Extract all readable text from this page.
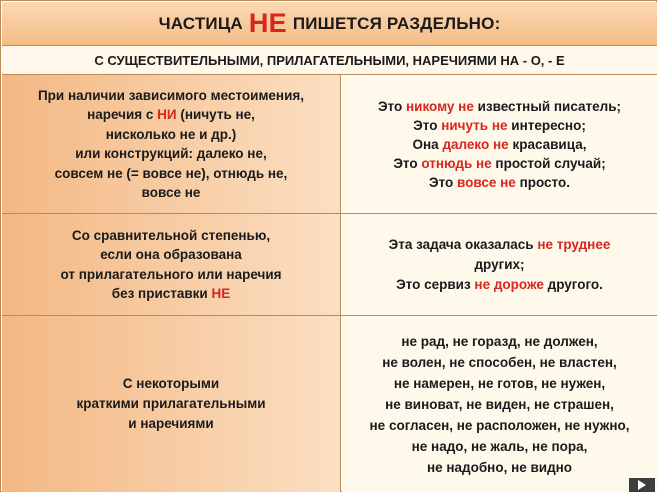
ЧАСТИЦА НЕ ПИШЕТСЯ РАЗДЕЛЬНО:
С СУЩЕСТВИТЕЛЬНЫМИ, ПРИЛАГАТЕЛЬНЫМИ, НАРЕЧИЯМИ НА - О, - Е
При наличии зависимого местоимения,
наречия с НИ (ничуть не,
нисколько не и др.)
или конструкций: далеко не,
совсем не (= вовсе не), отнюдь не,
вовсе не
Это никому не известный писатель;
Это ничуть не интересно;
Она далеко не красавица,
Это отнюдь не простой случай;
Это вовсе не просто.
Со сравнительной степенью,
если она образована
от прилагательного или наречия
без приставки НЕ
Эта задача оказалась не труднее
других;
Это сервиз не дороже другого.
С некоторыми
краткими прилагательными
и наречиями
не рад, не горазд, не должен,
не волен, не способен, не властен,
не намерен, не готов, не нужен,
не виноват, не виден, не страшен,
не согласен, не расположен, не нужно,
не надо, не жаль, не пора,
не надобно, не видно
